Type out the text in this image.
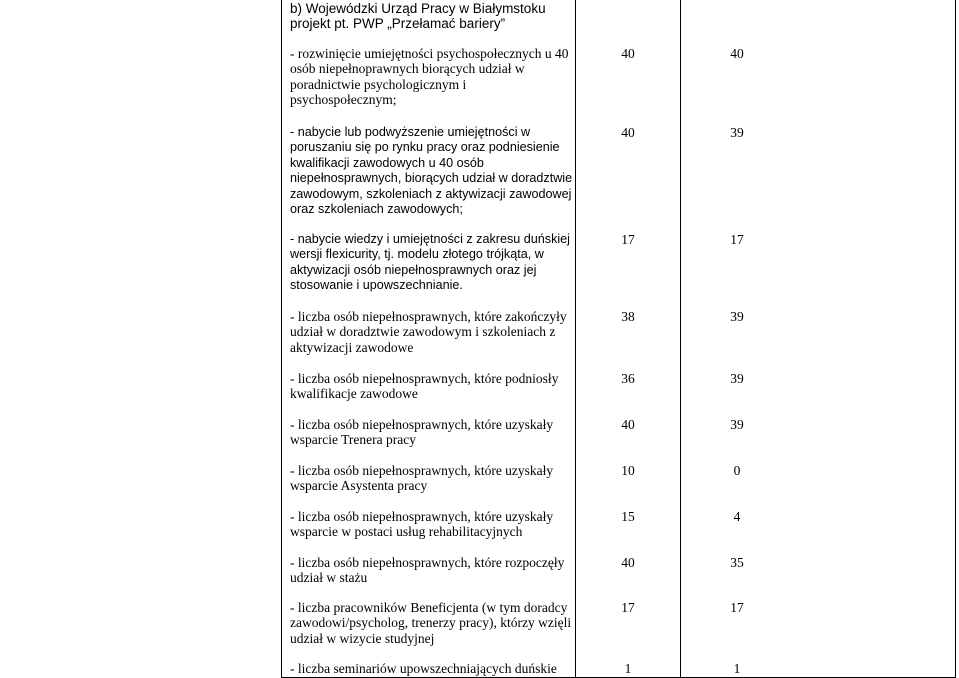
b) Wojewódzki Urząd Pracy w Białymstoku
projekt pt. PWP „Przełamać bariery”
- rozwinięcie umiejętności psychospołecznych u 40
osób niepełnoprawnych biorących udział w
poradnictwie psychologicznym i
psychospołecznym;
40	40
- nabycie lub podwyższenie umiejętności w
poruszaniu się po rynku pracy oraz podniesienie
kwalifikacji zawodowych u 40 osób
niepełnosprawnych, biorących udział w doradztwie
zawodowym, szkoleniach z aktywizacji zawodowej
oraz szkoleniach zawodowych;
40	39
- nabycie wiedzy i umiejętności z zakresu duńskiej
wersji flexicurity, tj. modelu złotego trójkąta, w
aktywizacji osób niepełnosprawnych oraz jej
stosowanie i upowszechnianie.
17	17
- liczba osób niepełnosprawnych, które zakończyły
udział w doradztwie zawodowym i szkoleniach z
aktywizacji zawodowe
38	39
- liczba osób niepełnosprawnych, które podniosły
kwalifikacje zawodowe
36	39
- liczba osób niepełnosprawnych, które uzyskały
wsparcie Trenera pracy
40	39
- liczba osób niepełnosprawnych, które uzyskały
wsparcie Asystenta pracy
10	0
- liczba osób niepełnosprawnych, które uzyskały
wsparcie w postaci usług rehabilitacyjnych
15	4
- liczba osób niepełnosprawnych, które rozpoczęły
udział w stażu
40	35
- liczba pracowników Beneficjenta (w tym doradcy
zawodowi/psycholog, trenerzy pracy), którzy wzięli
udział w wizycie studyjnej
17	17
- liczba seminariów upowszechniających duńskie	1	1
